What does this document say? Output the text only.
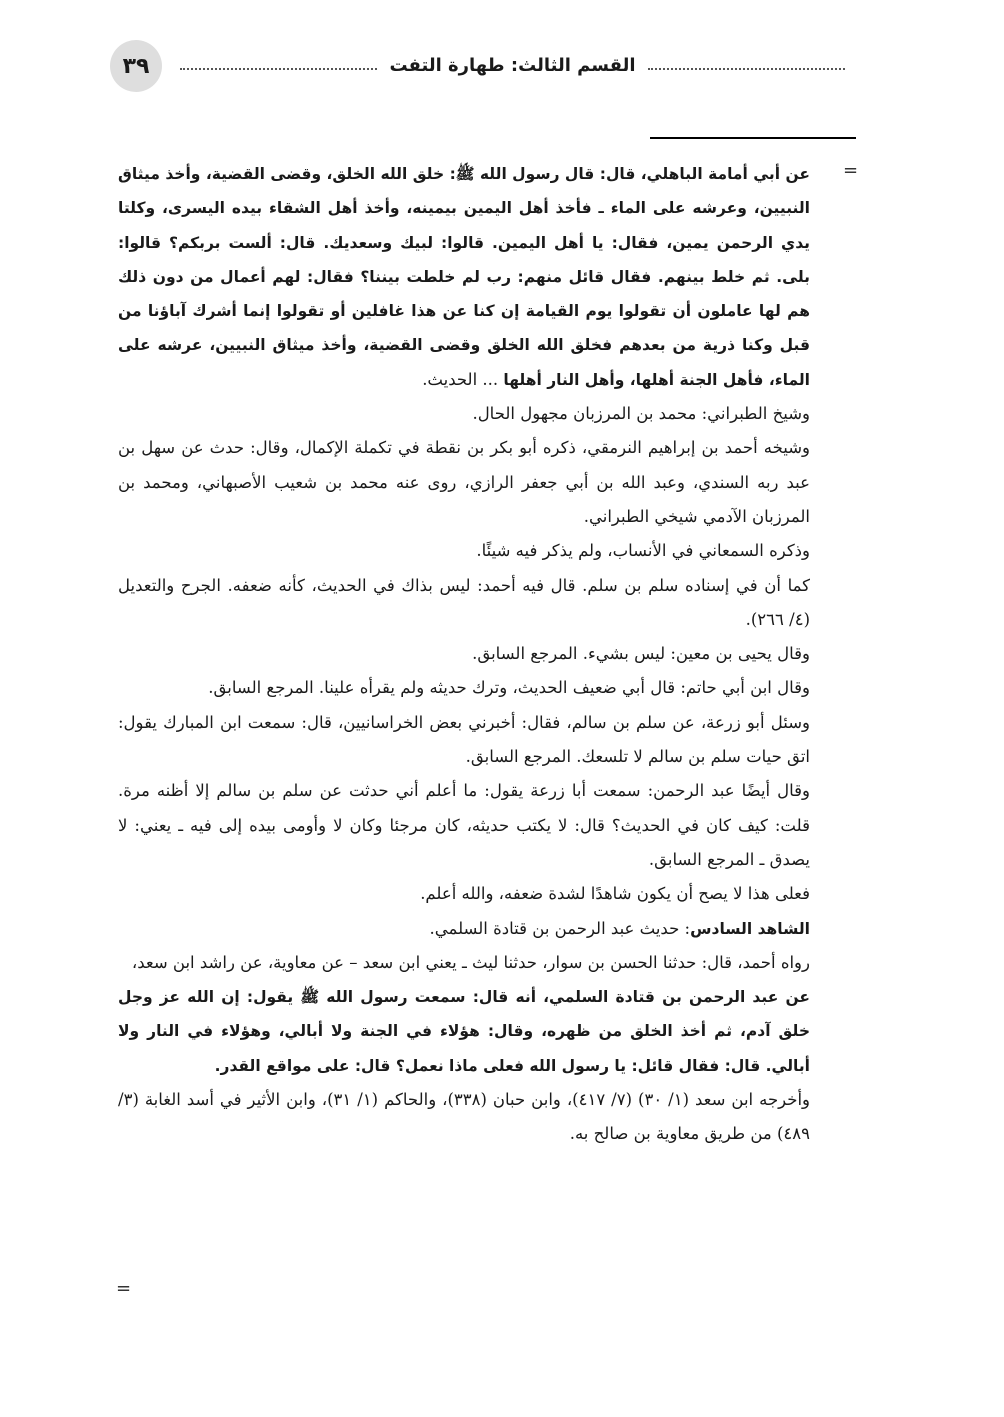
٣٩	القسم الثالث: طهارة التفت
=
=

عن أبي أمامة الباهلي، قال: قال رسول الله ﷺ: خلق الله الخلق، وقضى القضية، وأخذ ميثاق النبيين، وعرشه على الماء ـ فأخذ أهل اليمين بيمينه، وأخذ أهل الشقاء بيده اليسرى، وكلتا يدي الرحمن يمين، فقال: يا أهل اليمين. قالوا: لبيك وسعديك. قال: ألست بربكم؟ قالوا: بلى. ثم خلط بينهم. فقال قائل منهم: رب لم خلطت بيننا؟ فقال: لهم أعمال من دون ذلك هم لها عاملون أن تقولوا يوم القيامة إن كنا عن هذا غافلين أو تقولوا إنما أشرك آباؤنا من قبل وكنا ذرية من بعدهم فخلق الله الخلق وقضى القضية، وأخذ ميثاق النبيين، عرشه على الماء، فأهل الجنة أهلها، وأهل النار أهلها ... الحديث.

وشيخ الطبراني: محمد بن المرزبان مجهول الحال.

وشيخه أحمد بن إبراهيم النرمقي، ذكره أبو بكر بن نقطة في تكملة الإكمال، وقال: حدث عن سهل بن عبد ربه السندي، وعبد الله بن أبي جعفر الرازي، روى عنه محمد بن شعيب الأصبهاني، ومحمد بن المرزبان الآدمي شيخي الطبراني.

وذكره السمعاني في الأنساب، ولم يذكر فيه شيئًا.

كما أن في إسناده سلم بن سلم. قال فيه أحمد: ليس بذاك في الحديث، كأنه ضعفه. الجرح والتعديل (٤/ ٢٦٦).

وقال يحيى بن معين: ليس بشيء. المرجع السابق.

وقال ابن أبي حاتم: قال أبي ضعيف الحديث، وترك حديثه ولم يقرأه علينا. المرجع السابق.

وسئل أبو زرعة، عن سلم بن سالم، فقال: أخبرني بعض الخراسانيين، قال: سمعت ابن المبارك يقول: اتق حيات سلم بن سالم لا تلسعك. المرجع السابق.

وقال أيضًا عبد الرحمن: سمعت أبا زرعة يقول: ما أعلم أني حدثت عن سلم بن سالم إلا أظنه مرة. قلت: كيف كان في الحديث؟ قال: لا يكتب حديثه، كان مرجئا وكان لا وأومى بيده إلى فيه ـ يعني: لا يصدق ـ المرجع السابق.

فعلى هذا لا يصح أن يكون شاهدًا لشدة ضعفه، والله أعلم.

الشاهد السادس: حديث عبد الرحمن بن قتادة السلمي.

رواه أحمد، قال: حدثنا الحسن بن سوار، حدثنا ليث ـ يعني ابن سعد – عن معاوية، عن راشد ابن سعد،

عن عبد الرحمن بن قتادة السلمي، أنه قال: سمعت رسول الله ﷺ يقول: إن الله عز وجل خلق آدم، ثم أخذ الخلق من ظهره، وقال: هؤلاء في الجنة ولا أبالي، وهؤلاء في النار ولا أبالي. قال: فقال قائل: يا رسول الله فعلى ماذا نعمل؟ قال: على مواقع القدر.

وأخرجه ابن سعد (١/ ٣٠) (٧/ ٤١٧)، وابن حبان (٣٣٨)، والحاكم (١/ ٣١)، وابن الأثير في أسد الغابة (٣/ ٤٨٩) من طريق معاوية بن صالح به.
